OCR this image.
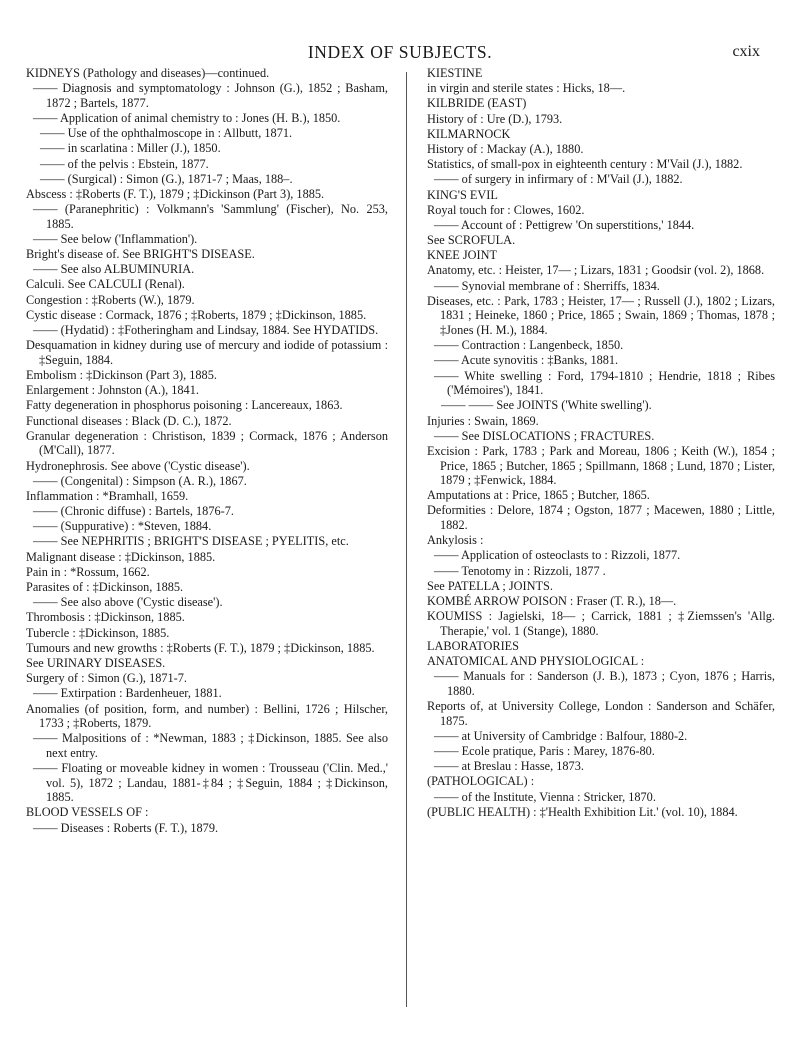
INDEX OF SUBJECTS.	cxix
KIDNEYS (Pathology and diseases)—continued.
—— Diagnosis and symptomatology : Johnson (G.), 1852 ; Basham, 1872 ; Bartels, 1877.
—— Application of animal chemistry to : Jones (H. B.), 1850.
—— Use of the ophthalmoscope in : Allbutt, 1871.
—— in scarlatina : Miller (J.), 1850.
—— of the pelvis : Ebstein, 1877.
—— (Surgical) : Simon (G.), 1871-7 ; Maas, 188–.
Abscess : ‡Roberts (F. T.), 1879 ; ‡Dickinson (Part 3), 1885.
—— (Paranephritic) : Volkmann's 'Sammlung' (Fischer), No. 253, 1885.
—— See below ('Inflammation').
Bright's disease of. See BRIGHT'S DISEASE.
—— See also ALBUMINURIA.
Calculi. See CALCULI (Renal).
Congestion : ‡Roberts (W.), 1879.
Cystic disease : Cormack, 1876 ; ‡Roberts, 1879 ; ‡Dickinson, 1885.
—— (Hydatid) : ‡Fotheringham and Lindsay, 1884. See HYDATIDS.
Desquamation in kidney during use of mercury and iodide of potassium : ‡Seguin, 1884.
Embolism : ‡Dickinson (Part 3), 1885.
Enlargement : Johnston (A.), 1841.
Fatty degeneration in phosphorus poisoning : Lancereaux, 1863.
Functional diseases : Black (D. C.), 1872.
Granular degeneration : Christison, 1839 ; Cormack, 1876 ; Anderson (M'Call), 1877.
Hydronephrosis. See above ('Cystic disease').
—— (Congenital) : Simpson (A. R.), 1867.
Inflammation : *Bramhall, 1659.
—— (Chronic diffuse) : Bartels, 1876-7.
—— (Suppurative) : *Steven, 1884.
—— See NEPHRITIS ; BRIGHT'S DISEASE ; PYELITIS, etc.
Malignant disease : ‡Dickinson, 1885.
Pain in : *Rossum, 1662.
Parasites of : ‡Dickinson, 1885.
—— See also above ('Cystic disease').
Thrombosis : ‡Dickinson, 1885.
Tubercle : ‡Dickinson, 1885.
Tumours and new growths : ‡Roberts (F. T.), 1879 ; ‡Dickinson, 1885.
See URINARY DISEASES.
Surgery of : Simon (G.), 1871-7.
—— Extirpation : Bardenheuer, 1881.
Anomalies (of position, form, and number) : Bellini, 1726 ; Hilscher, 1733 ; ‡Roberts, 1879.
—— Malpositions of : *Newman, 1883 ; ‡Dickinson, 1885. See also next entry.
—— Floating or moveable kidney in women : Trousseau ('Clin. Med.,' vol. 5), 1872 ; Landau, 1881-‡84 ; ‡Seguin, 1884 ; ‡Dickinson, 1885.
BLOOD VESSELS OF :
—— Diseases : Roberts (F. T.), 1879.
KIESTINE
in virgin and sterile states : Hicks, 18—.
KILBRIDE (EAST)
History of : Ure (D.), 1793.
KILMARNOCK
History of : Mackay (A.), 1880.
Statistics, of small-pox in eighteenth century : M'Vail (J.), 1882.
—— of surgery in infirmary of : M'Vail (J.), 1882.
KING'S EVIL
Royal touch for : Clowes, 1602.
—— Account of : Pettigrew 'On superstitions,' 1844.
See SCROFULA.
KNEE JOINT
Anatomy, etc. : Heister, 17— ; Lizars, 1831 ; Goodsir (vol. 2), 1868.
—— Synovial membrane of : Sherriffs, 1834.
Diseases, etc. : Park, 1783 ; Heister, 17— ; Russell (J.), 1802 ; Lizars, 1831 ; Heineke, 1860 ; Price, 1865 ; Swain, 1869 ; Thomas, 1878 ; ‡Jones (H. M.), 1884.
—— Contraction : Langenbeck, 1850.
—— Acute synovitis : ‡Banks, 1881.
—— White swelling : Ford, 1794-1810 ; Hendrie, 1818 ; Ribes ('Mémoires'), 1841.
—— —— See JOINTS ('White swelling').
Injuries : Swain, 1869.
—— See DISLOCATIONS ; FRACTURES.
Excision : Park, 1783 ; Park and Moreau, 1806 ; Keith (W.), 1854 ; Price, 1865 ; Butcher, 1865 ; Spillmann, 1868 ; Lund, 1870 ; Lister, 1879 ; ‡Fenwick, 1884.
Amputations at : Price, 1865 ; Butcher, 1865.
Deformities : Delore, 1874 ; Ogston, 1877 ; Macewen, 1880 ; Little, 1882.
Ankylosis :
—— Application of osteoclasts to : Rizzoli, 1877.
—— Tenotomy in : Rizzoli, 1877 .
See PATELLA ; JOINTS.
KOMBÉ ARROW POISON : Fraser (T. R.), 18—.
KOUMISS : Jagielski, 18— ; Carrick, 1881 ; ‡Ziemssen's 'Allg. Therapie,' vol. 1 (Stange), 1880.
LABORATORIES
ANATOMICAL AND PHYSIOLOGICAL :
—— Manuals for : Sanderson (J. B.), 1873 ; Cyon, 1876 ; Harris, 1880.
Reports of, at University College, London : Sanderson and Schäfer, 1875.
—— at University of Cambridge : Balfour, 1880-2.
—— Ecole pratique, Paris : Marey, 1876-80.
—— at Breslau : Hasse, 1873.
(PATHOLOGICAL) :
—— of the Institute, Vienna : Stricker, 1870.
(PUBLIC HEALTH) : ‡'Health Exhibition Lit.' (vol. 10), 1884.
